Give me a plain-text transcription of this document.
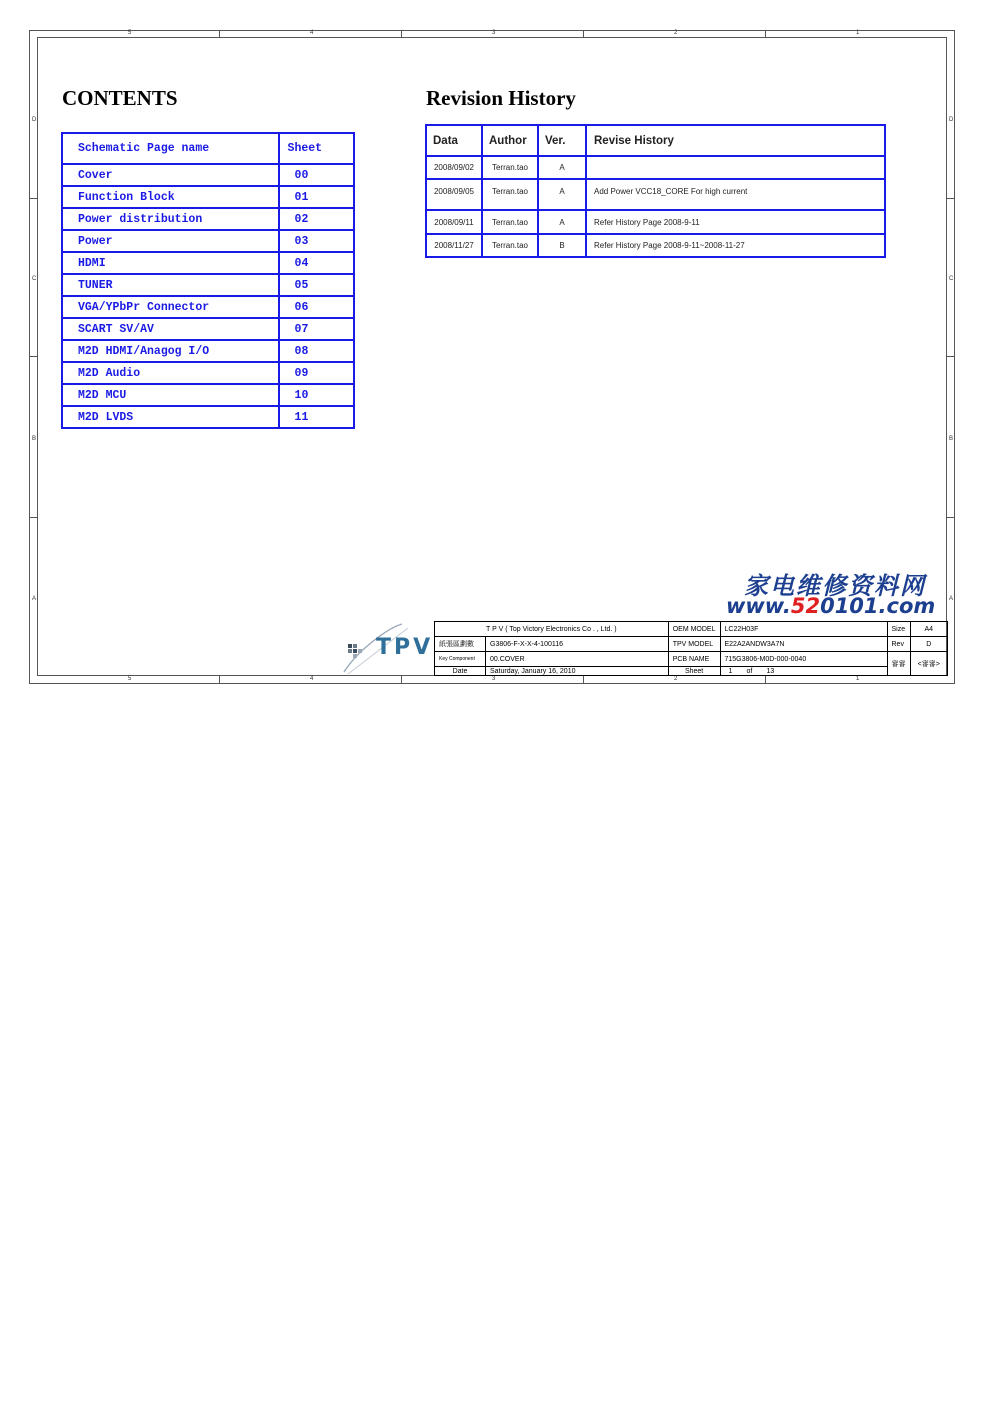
5	4	3	2	1
5	4	3	2	1
D
C
B
A
D
C
B
A
CONTENTS
Schematic Page name	Sheet
Cover	00
Function Block	01
Power distribution	02
Power	03
HDMI	04
TUNER	05
VGA/YPbPr Connector	06
SCART SV/AV	07
M2D HDMI/Anagog I/O	08
M2D Audio	09
M2D MCU	10
M2D LVDS	11
Revision History
Data	Author	Ver.	Revise History
2008/09/02	Terran.tao	A	
2008/09/05	Terran.tao	A	Add Power VCC18_CORE For high current
2008/09/11	Terran.tao	A	Refer History Page 2008-9-11
2008/11/27	Terran.tao	B	Refer History Page 2008-9-11~2008-11-27
家电维修资料网
www.520101.com
TPV
T P V ( Top Victory Electronics Co . , Ltd. )		OEM MODEL	LC22H03F	Size	A4
紙張區劃數	G3806-F-X-X-4-100116	TPV MODEL	E22A2ANDW3A7N	Rev	D
Key Component	00.COVER	PCB NAME	715G3806-M0D-000-0040	審審	<審審>
Date	Saturday, January 16, 2010	Sheet	1 of 13		
